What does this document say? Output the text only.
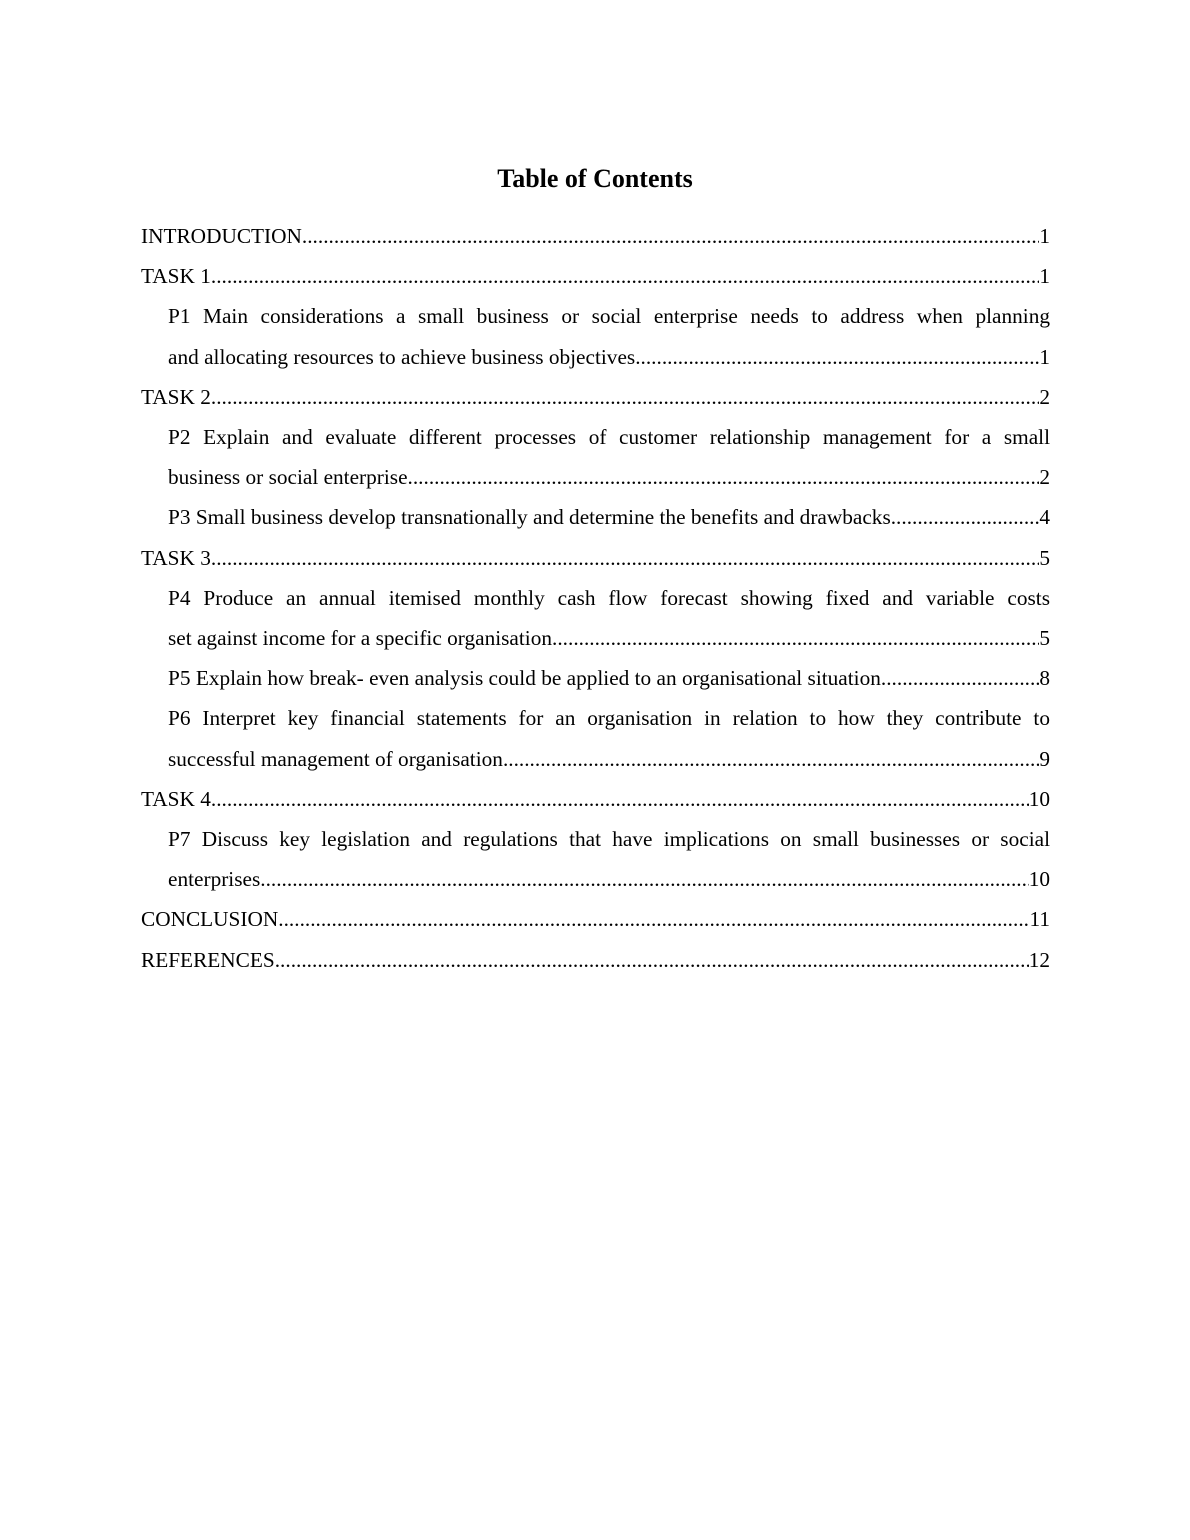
Table of Contents
INTRODUCTION .....	1
TASK 1 .....	1
P1 Main considerations a small business or social enterprise needs to address when planning
and allocating resources to achieve business objectives .....	1
TASK 2 .....	2
P2 Explain and evaluate different processes of customer relationship management for a small
business or social enterprise .....	2
P3 Small business develop transnationally and determine the benefits and drawbacks .....	4
TASK 3 .....	5
P4 Produce an annual itemised monthly cash flow forecast showing fixed and variable costs
set against income for a specific organisation .....	5
P5 Explain how break- even analysis could be applied to an organisational situation .....	8
P6 Interpret key financial statements for an organisation in relation to how they contribute to
successful management of organisation .....	9
TASK 4 .....	10
P7 Discuss key legislation and regulations that have implications on small businesses or social
enterprises .....	10
CONCLUSION .....	11
REFERENCES .....	12
